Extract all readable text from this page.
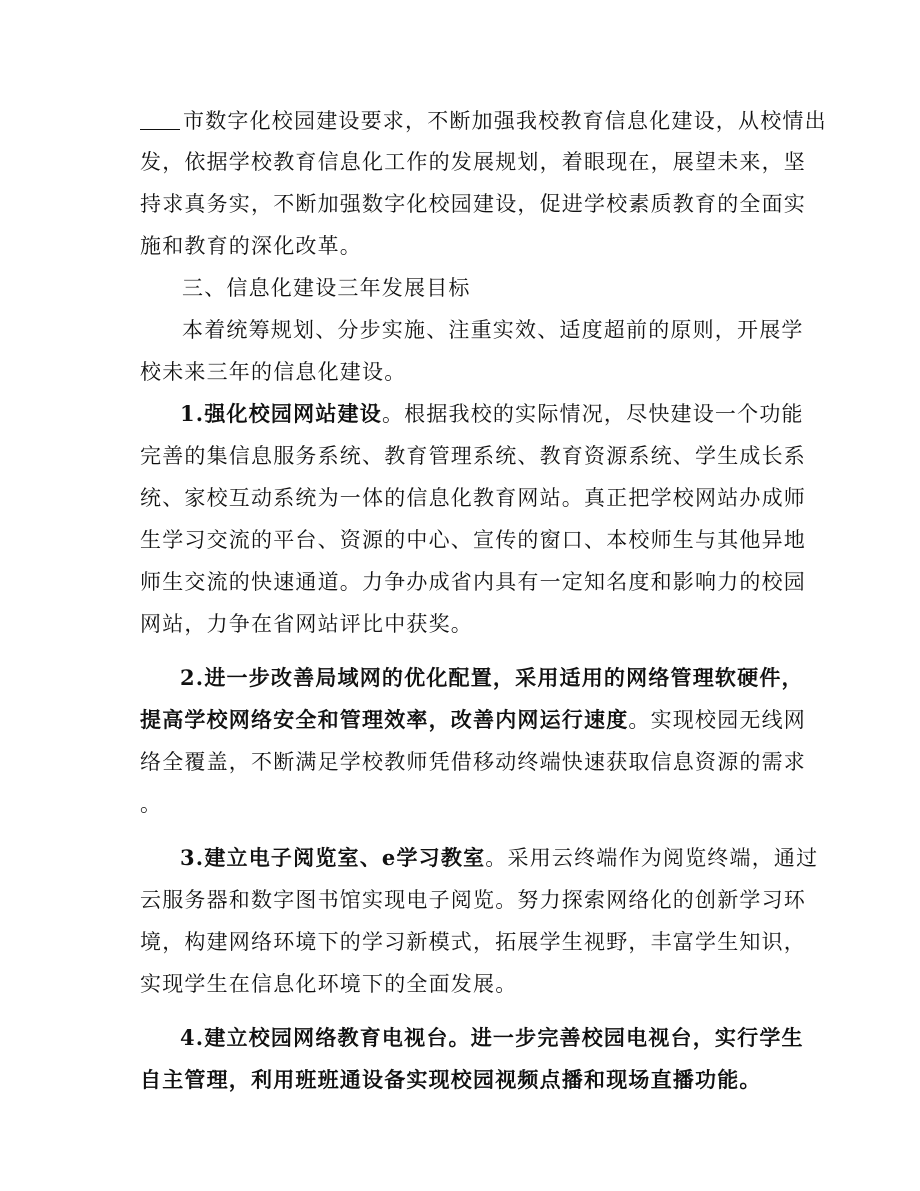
市数字化校园建设要求，不断加强我校教育信息化建设，从校情出
发，依据学校教育信息化工作的发展规划，着眼现在，展望未来，坚
持求真务实，不断加强数字化校园建设，促进学校素质教育的全面实
施和教育的深化改革。
三、信息化建设三年发展目标
本着统筹规划、分步实施、注重实效、适度超前的原则，开展学
校未来三年的信息化建设。
1.强化校园网站建设。根据我校的实际情况，尽快建设一个功能
完善的集信息服务系统、教育管理系统、教育资源系统、学生成长系
统、家校互动系统为一体的信息化教育网站。真正把学校网站办成师
生学习交流的平台、资源的中心、宣传的窗口、本校师生与其他异地
师生交流的快速通道。力争办成省内具有一定知名度和影响力的校园
网站，力争在省网站评比中获奖。
2.进一步改善局域网的优化配置，采用适用的网络管理软硬件，
提高学校网络安全和管理效率，改善内网运行速度。实现校园无线网
络全覆盖，不断满足学校教师凭借移动终端快速获取信息资源的需求
。
3.建立电子阅览室、e学习教室。采用云终端作为阅览终端，通过
云服务器和数字图书馆实现电子阅览。努力探索网络化的创新学习环
境，构建网络环境下的学习新模式，拓展学生视野，丰富学生知识，
实现学生在信息化环境下的全面发展。
4.建立校园网络教育电视台。进一步完善校园电视台，实行学生
自主管理，利用班班通设备实现校园视频点播和现场直播功能。
